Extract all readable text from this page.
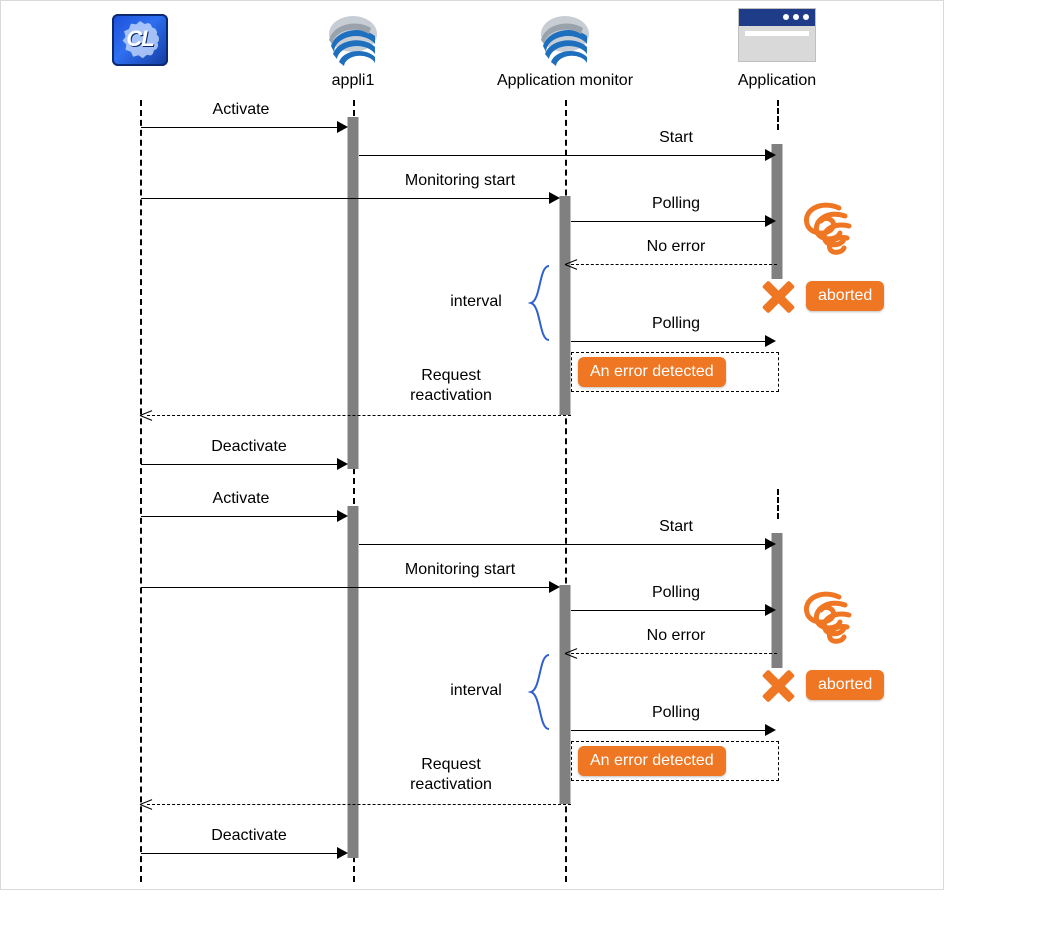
CL
appli1	Application monitor	Application
Activate
Start
Monitoring start
Polling
No error
interval
Polling
An error detected
Request
reactivation
Deactivate
aborted
Activate
Start
Monitoring start
Polling
No error
interval
Polling
An error detected
Request
reactivation
Deactivate
aborted
